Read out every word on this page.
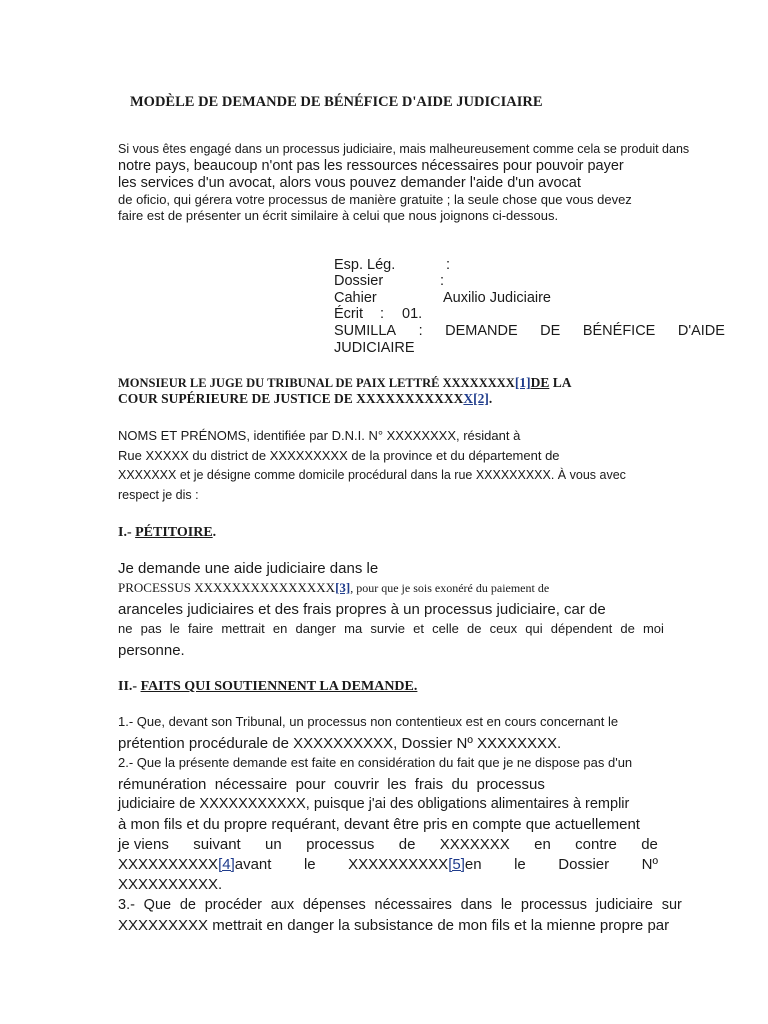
MODÈLE DE DEMANDE DE BÉNÉFICE D'AIDE JUDICIAIRE
Si vous êtes engagé dans un processus judiciaire, mais malheureusement comme cela se produit dans
notre pays, beaucoup n'ont pas les ressources nécessaires pour pouvoir payer
les services d'un avocat, alors vous pouvez demander l'aide d'un avocat
de oficio, qui gérera votre processus de manière gratuite ; la seule chose que vous devez
faire est de présenter un écrit similaire à celui que nous joignons ci-dessous.
Esp. Lég.	:
Dossier	:
Cahier	Auxilio Judiciaire
Écrit : 01.
SUMILLA : DEMANDE DE BÉNÉFICE D'AIDE
JUDICIAIRE
MONSIEUR LE JUGE DU TRIBUNAL DE PAIX LETTRÉ XXXXXXXX[1]DE LA
COUR SUPÉRIEURE DE JUSTICE DE XXXXXXXXXXXX[2].
NOMS ET PRÉNOMS, identifiée par D.N.I. N° XXXXXXXX, résidant à
Rue XXXXX du district de XXXXXXXXX de la province et du département de
XXXXXXX et je désigne comme domicile procédural dans la rue XXXXXXXXX. À vous avec
respect je dis :
I.- PÉTITOIRE.
Je demande une aide judiciaire dans le
PROCESSUS XXXXXXXXXXXXXXX[3], pour que je sois exonéré du paiement de
aranceles judiciaires et des frais propres à un processus judiciaire, car de
ne pas le faire mettrait en danger ma survie et celle de ceux qui dépendent de moi
personne.
II.- FAITS QUI SOUTIENNENT LA DEMANDE.
1.- Que, devant son Tribunal, un processus non contentieux est en cours concernant le
prétention procédurale de XXXXXXXXXX, Dossier Nº XXXXXXXX.
2.- Que la présente demande est faite en considération du fait que je ne dispose pas d'un
rémunération  nécessaire  pour  couvrir  les  frais  du  processus
judiciaire de XXXXXXXXXXX, puisque j'ai des obligations alimentaires à remplir
à mon fils et du propre requérant, devant être pris en compte que actuellement
je viens suivant un processus de XXXXXXX en contre de
XXXXXXXXXX[4]avant le XXXXXXXXXX[5]en le Dossier Nº
XXXXXXXXXX.
3.- Que de procéder aux dépenses nécessaires dans le processus judiciaire sur
XXXXXXXXX mettrait en danger la subsistance de mon fils et la mienne propre par
